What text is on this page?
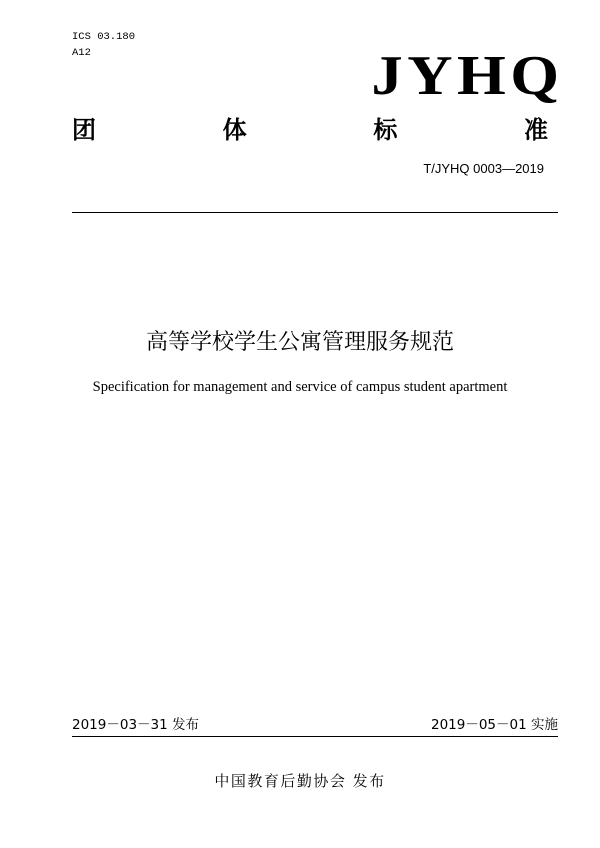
ICS 03.180
A12	JYHQ
团	体	标	准
T/JYHQ 0003—2019
高等学校学生公寓管理服务规范
Specification for management and service of campus student apartment
2019－03－31 发布	2019－05－01 实施
中国教育后勤协会 发布
